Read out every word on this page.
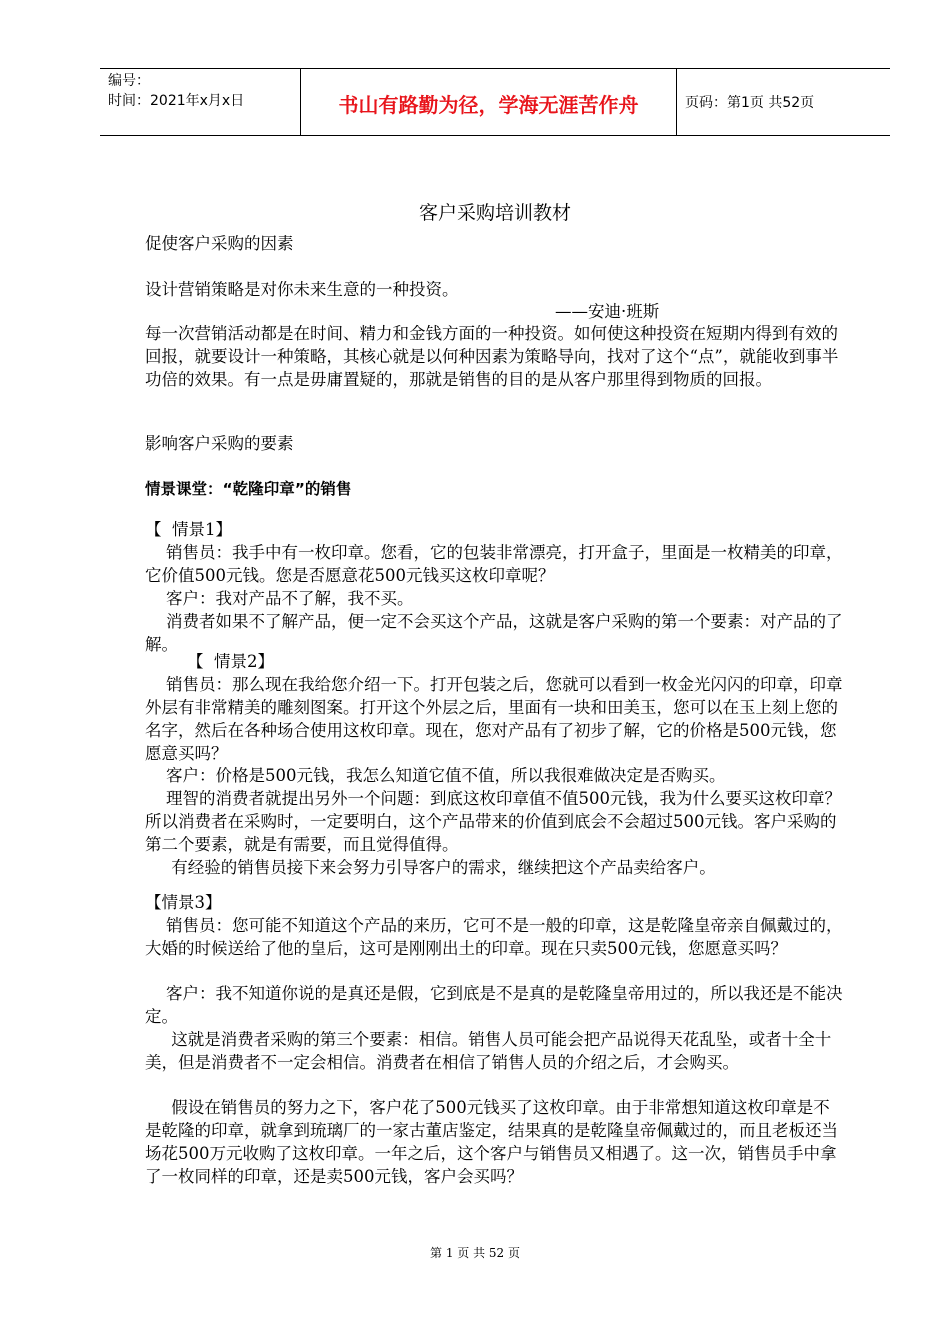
编号：
时间：2021年x月x日	书山有路勤为径，学海无涯苦作舟	页码：第1页 共52页
客户采购培训教材

促使客户采购的因素

设计营销策略是对你未来生意的一种投资。

——安迪·班斯

每一次营销活动都是在时间、精力和金钱方面的一种投资。如何使这种投资在短期内得到有效的回报，就要设计一种策略，其核心就是以何种因素为策略导向，找对了这个“点”，就能收到事半功倍的效果。有一点是毋庸置疑的，那就是销售的目的是从客户那里得到物质的回报。

影响客户采购的要素

情景课堂：“乾隆印章”的销售

【  情景1】

销售员：我手中有一枚印章。您看，它的包装非常漂亮，打开盒子，里面是一枚精美的印章，它价值500元钱。您是否愿意花500元钱买这枚印章呢？

客户：我对产品不了解，我不买。

消费者如果不了解产品，便一定不会买这个产品，这就是客户采购的第一个要素：对产品的了解。

【  情景2】

销售员：那么现在我给您介绍一下。打开包装之后，您就可以看到一枚金光闪闪的印章，印章外层有非常精美的雕刻图案。打开这个外层之后，里面有一块和田美玉，您可以在玉上刻上您的名字，然后在各种场合使用这枚印章。现在，您对产品有了初步了解，它的价格是500元钱，您愿意买吗？

客户：价格是500元钱，我怎么知道它值不值，所以我很难做决定是否购买。

理智的消费者就提出另外一个问题：到底这枚印章值不值500元钱，我为什么要买这枚印章？所以消费者在采购时，一定要明白，这个产品带来的价值到底会不会超过500元钱。客户采购的第二个要素，就是有需要，而且觉得值得。

有经验的销售员接下来会努力引导客户的需求，继续把这个产品卖给客户。

【情景3】

销售员：您可能不知道这个产品的来历，它可不是一般的印章，这是乾隆皇帝亲自佩戴过的，大婚的时候送给了他的皇后，这可是刚刚出土的印章。现在只卖500元钱，您愿意买吗？

客户：我不知道你说的是真还是假，它到底是不是真的是乾隆皇帝用过的，所以我还是不能决定。

这就是消费者采购的第三个要素：相信。销售人员可能会把产品说得天花乱坠，或者十全十美，但是消费者不一定会相信。消费者在相信了销售人员的介绍之后，才会购买。

假设在销售员的努力之下，客户花了500元钱买了这枚印章。由于非常想知道这枚印章是不是乾隆的印章，就拿到琉璃厂的一家古董店鉴定，结果真的是乾隆皇帝佩戴过的，而且老板还当场花500万元收购了这枚印章。一年之后，这个客户与销售员又相遇了。这一次，销售员手中拿了一枚同样的印章，还是卖500元钱，客户会买吗？

第 1 页 共 52 页
